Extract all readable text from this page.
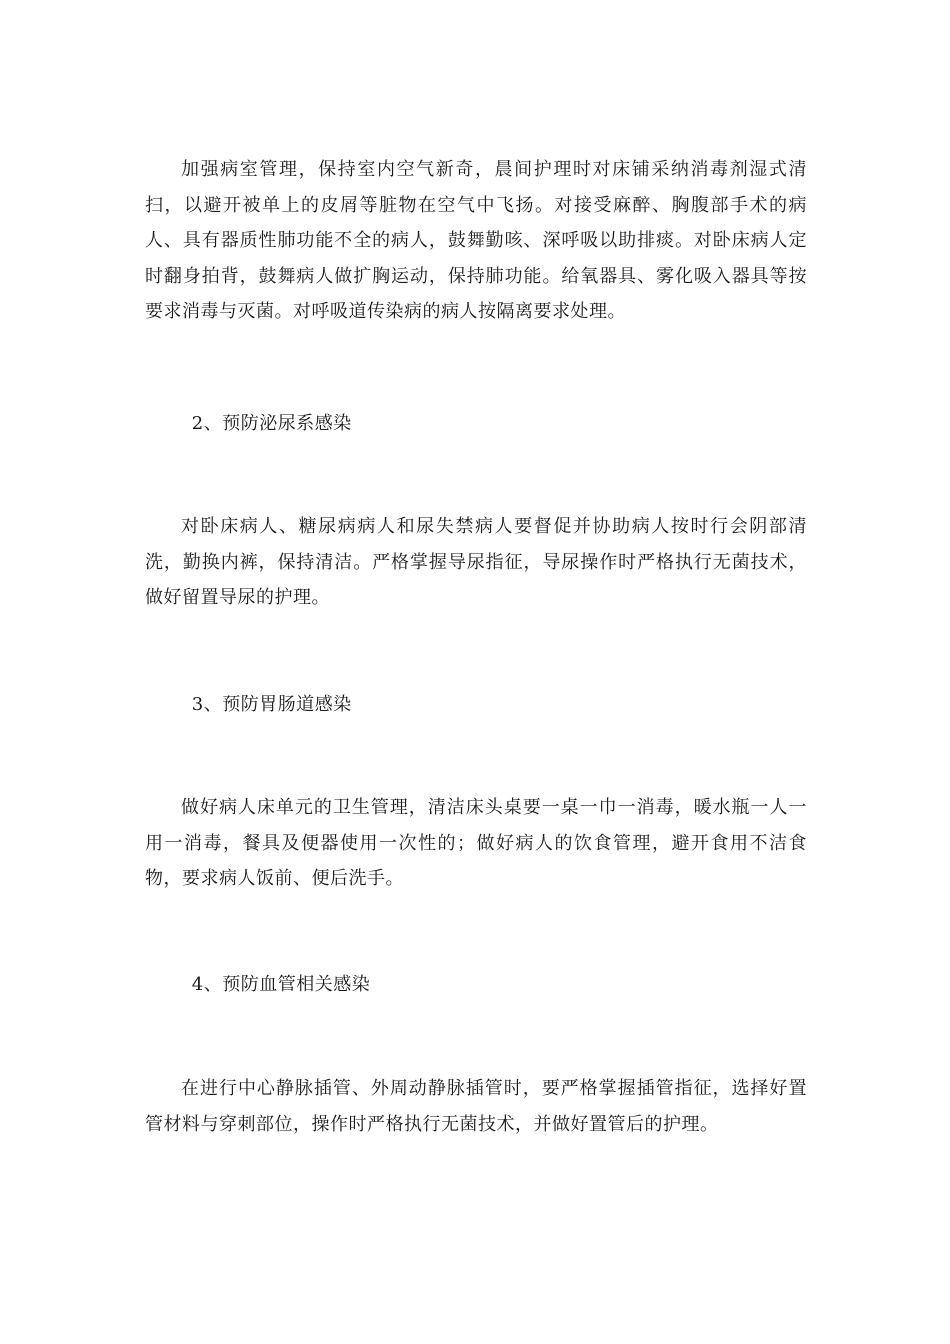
加强病室管理，保持室内空气新奇，晨间护理时对床铺采纳消毒剂湿式清扫，以避开被单上的皮屑等脏物在空气中飞扬。对接受麻醉、胸腹部手术的病人、具有器质性肺功能不全的病人，鼓舞勤咳、深呼吸以助排痰。对卧床病人定时翻身拍背，鼓舞病人做扩胸运动，保持肺功能。给氧器具、雾化吸入器具等按要求消毒与灭菌。对呼吸道传染病的病人按隔离要求处理。

2、预防泌尿系感染

对卧床病人、糖尿病病人和尿失禁病人要督促并协助病人按时行会阴部清洗，勤换内裤，保持清洁。严格掌握导尿指征，导尿操作时严格执行无菌技术，做好留置导尿的护理。

3、预防胃肠道感染

做好病人床单元的卫生管理，清洁床头桌要一桌一巾一消毒，暖水瓶一人一用一消毒，餐具及便器使用一次性的；做好病人的饮食管理，避开食用不洁食物，要求病人饭前、便后洗手。

4、预防血管相关感染

在进行中心静脉插管、外周动静脉插管时，要严格掌握插管指征，选择好置管材料与穿刺部位，操作时严格执行无菌技术，并做好置管后的护理。
